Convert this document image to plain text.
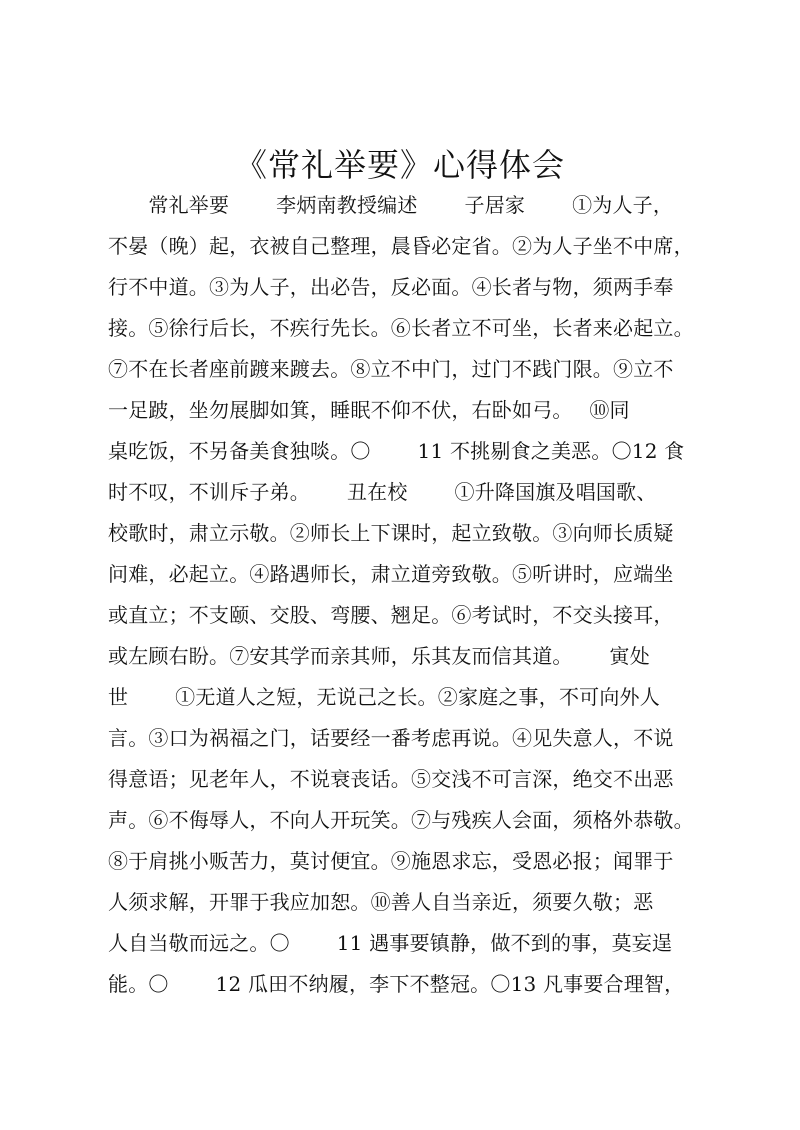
《常礼举要》心得体会
　　常礼举要　　 李炳南教授编述　　 子居家　　 ①为人子，
不晏（晚）起，衣被自己整理，晨昏必定省。②为人子坐不中席，
行不中道。③为人子，出必告，反必面。④长者与物，须两手奉
接。⑤徐行后长，不疾行先长。⑥长者立不可坐，长者来必起立。
⑦不在长者座前踱来踱去。⑧立不中门，过门不践门限。⑨立不
一足跛，坐勿展脚如箕，睡眠不仰不伏，右卧如弓。　 ⑩同
桌吃饭，不另备美食独啖。〇　　 11 不挑剔食之美恶。〇12 食
时不叹，不训斥子弟。　　 丑在校　　 ①升降国旗及唱国歌、
校歌时，肃立示敬。②师长上下课时，起立致敬。③向师长质疑
问难，必起立。④路遇师长，肃立道旁致敬。⑤听讲时，应端坐
或直立；不支颐、交股、弯腰、翘足。⑥考试时，不交头接耳，
或左顾右盼。⑦安其学而亲其师，乐其友而信其道。　　 寅处
世　　 ①无道人之短，无说己之长。②家庭之事，不可向外人
言。③口为祸福之门，话要经一番考虑再说。④见失意人，不说
得意语；见老年人，不说衰丧话。⑤交浅不可言深，绝交不出恶
声。⑥不侮辱人，不向人开玩笑。⑦与残疾人会面，须格外恭敬。
⑧于肩挑小贩苦力，莫讨便宜。⑨施恩求忘，受恩必报；闻罪于
人须求解，开罪于我应加恕。⑩善人自当亲近，须要久敬；恶
人自当敬而远之。〇　　 11 遇事要镇静，做不到的事，莫妄逞
能。〇　　 12 瓜田不纳履，李下不整冠。〇13 凡事要合理智，
